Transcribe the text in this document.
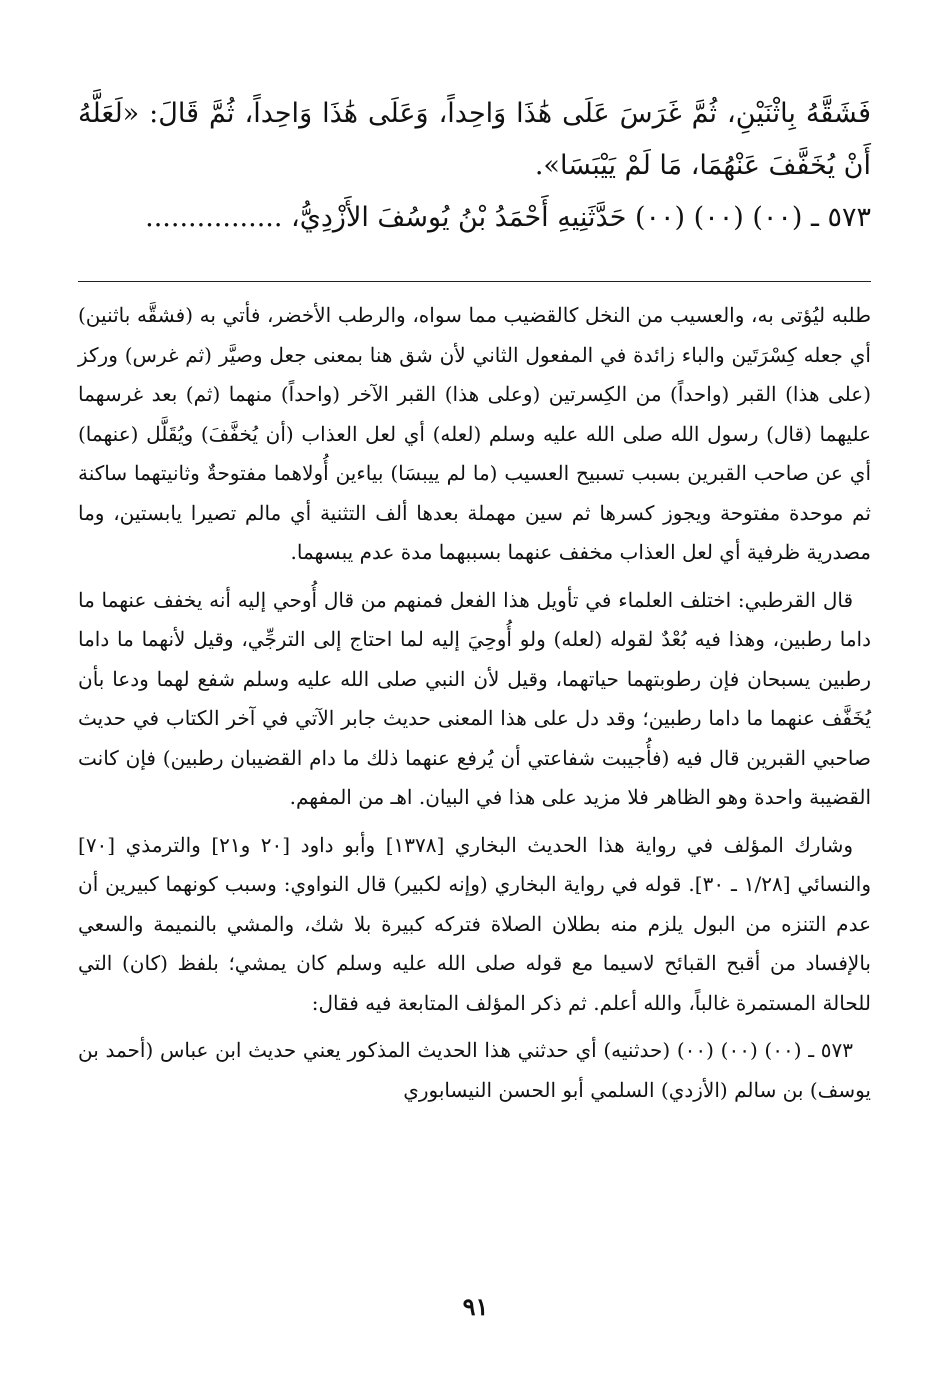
فَشَقَّهُ بِاثْنَيْنِ، ثُمَّ غَرَسَ عَلَى هَٰذَا وَاحِداً، وَعَلَى هَٰذَا وَاحِداً، ثُمَّ قَالَ: «لَعَلَّهُ أَنْ يُخَفَّفَ عَنْهُمَا، مَا لَمْ يَيْبَسَا».

٥٧٣ ـ (٠٠) (٠٠) (٠٠) حَدَّثَنِيهِ أَحْمَدُ بْنُ يُوسُفَ الأَزْدِيُّ، ................

طلبه ليُؤتى به، والعسيب من النخل كالقضيب مما سواه، والرطب الأخضر، فأتي به (فشقَّه باثنين) أي جعله كِسْرَتَين والباء زائدة في المفعول الثاني لأن شق هنا بمعنى جعل وصيَّر (ثم غرس) وركز (على هذا) القبر (واحداً) من الكِسرتين (وعلى هذا) القبر الآخر (واحداً) منهما (ثم) بعد غرسهما عليهما (قال) رسول الله صلى الله عليه وسلم (لعله) أي لعل العذاب (أن يُخفَّفَ) ويُقَلَّل (عنهما) أي عن صاحب القبرين بسبب تسبيح العسيب (ما لم ييبسَا) بياءين أُولاهما مفتوحةٌ وثانيتهما ساكنة ثم موحدة مفتوحة ويجوز كسرها ثم سين مهملة بعدها ألف التثنية أي مالم تصيرا يابستين، وما مصدرية ظرفية أي لعل العذاب مخفف عنهما بسببهما مدة عدم يبسهما.

قال القرطبي: اختلف العلماء في تأويل هذا الفعل فمنهم من قال أُوحي إليه أنه يخفف عنهما ما داما رطبين، وهذا فيه بُعْدٌ لقوله (لعله) ولو أُوحِيَ إليه لما احتاج إلى الترجِّي، وقيل لأنهما ما داما رطبين يسبحان فإن رطوبتهما حياتهما، وقيل لأن النبي صلى الله عليه وسلم شفع لهما ودعا بأن يُخَفَّف عنهما ما داما رطبين؛ وقد دل على هذا المعنى حديث جابر الآتي في آخر الكتاب في حديث صاحبي القبرين قال فيه (فأُجيبت شفاعتي أن يُرفع عنهما ذلك ما دام القضيبان رطبين) فإن كانت القضيبة واحدة وهو الظاهر فلا مزيد على هذا في البيان. اهـ من المفهم.

وشارك المؤلف في رواية هذا الحديث البخاري [١٣٧٨] وأبو داود [٢٠ و٢١] والترمذي [٧٠] والنسائي [١/٢٨ ـ ٣٠]. قوله في رواية البخاري (وإنه لكبير) قال النواوي: وسبب كونهما كبيرين أن عدم التنزه من البول يلزم منه بطلان الصلاة فتركه كبيرة بلا شك، والمشي بالنميمة والسعي بالإفساد من أقبح القبائح لاسيما مع قوله صلى الله عليه وسلم كان يمشي؛ بلفظ (كان) التي للحالة المستمرة غالباً، والله أعلم. ثم ذكر المؤلف المتابعة فيه فقال:

٥٧٣ ـ (٠٠) (٠٠) (٠٠) (حدثنيه) أي حدثني هذا الحديث المذكور يعني حديث ابن عباس (أحمد بن يوسف) بن سالم (الأزدي) السلمي أبو الحسن النيسابوري

٩١
